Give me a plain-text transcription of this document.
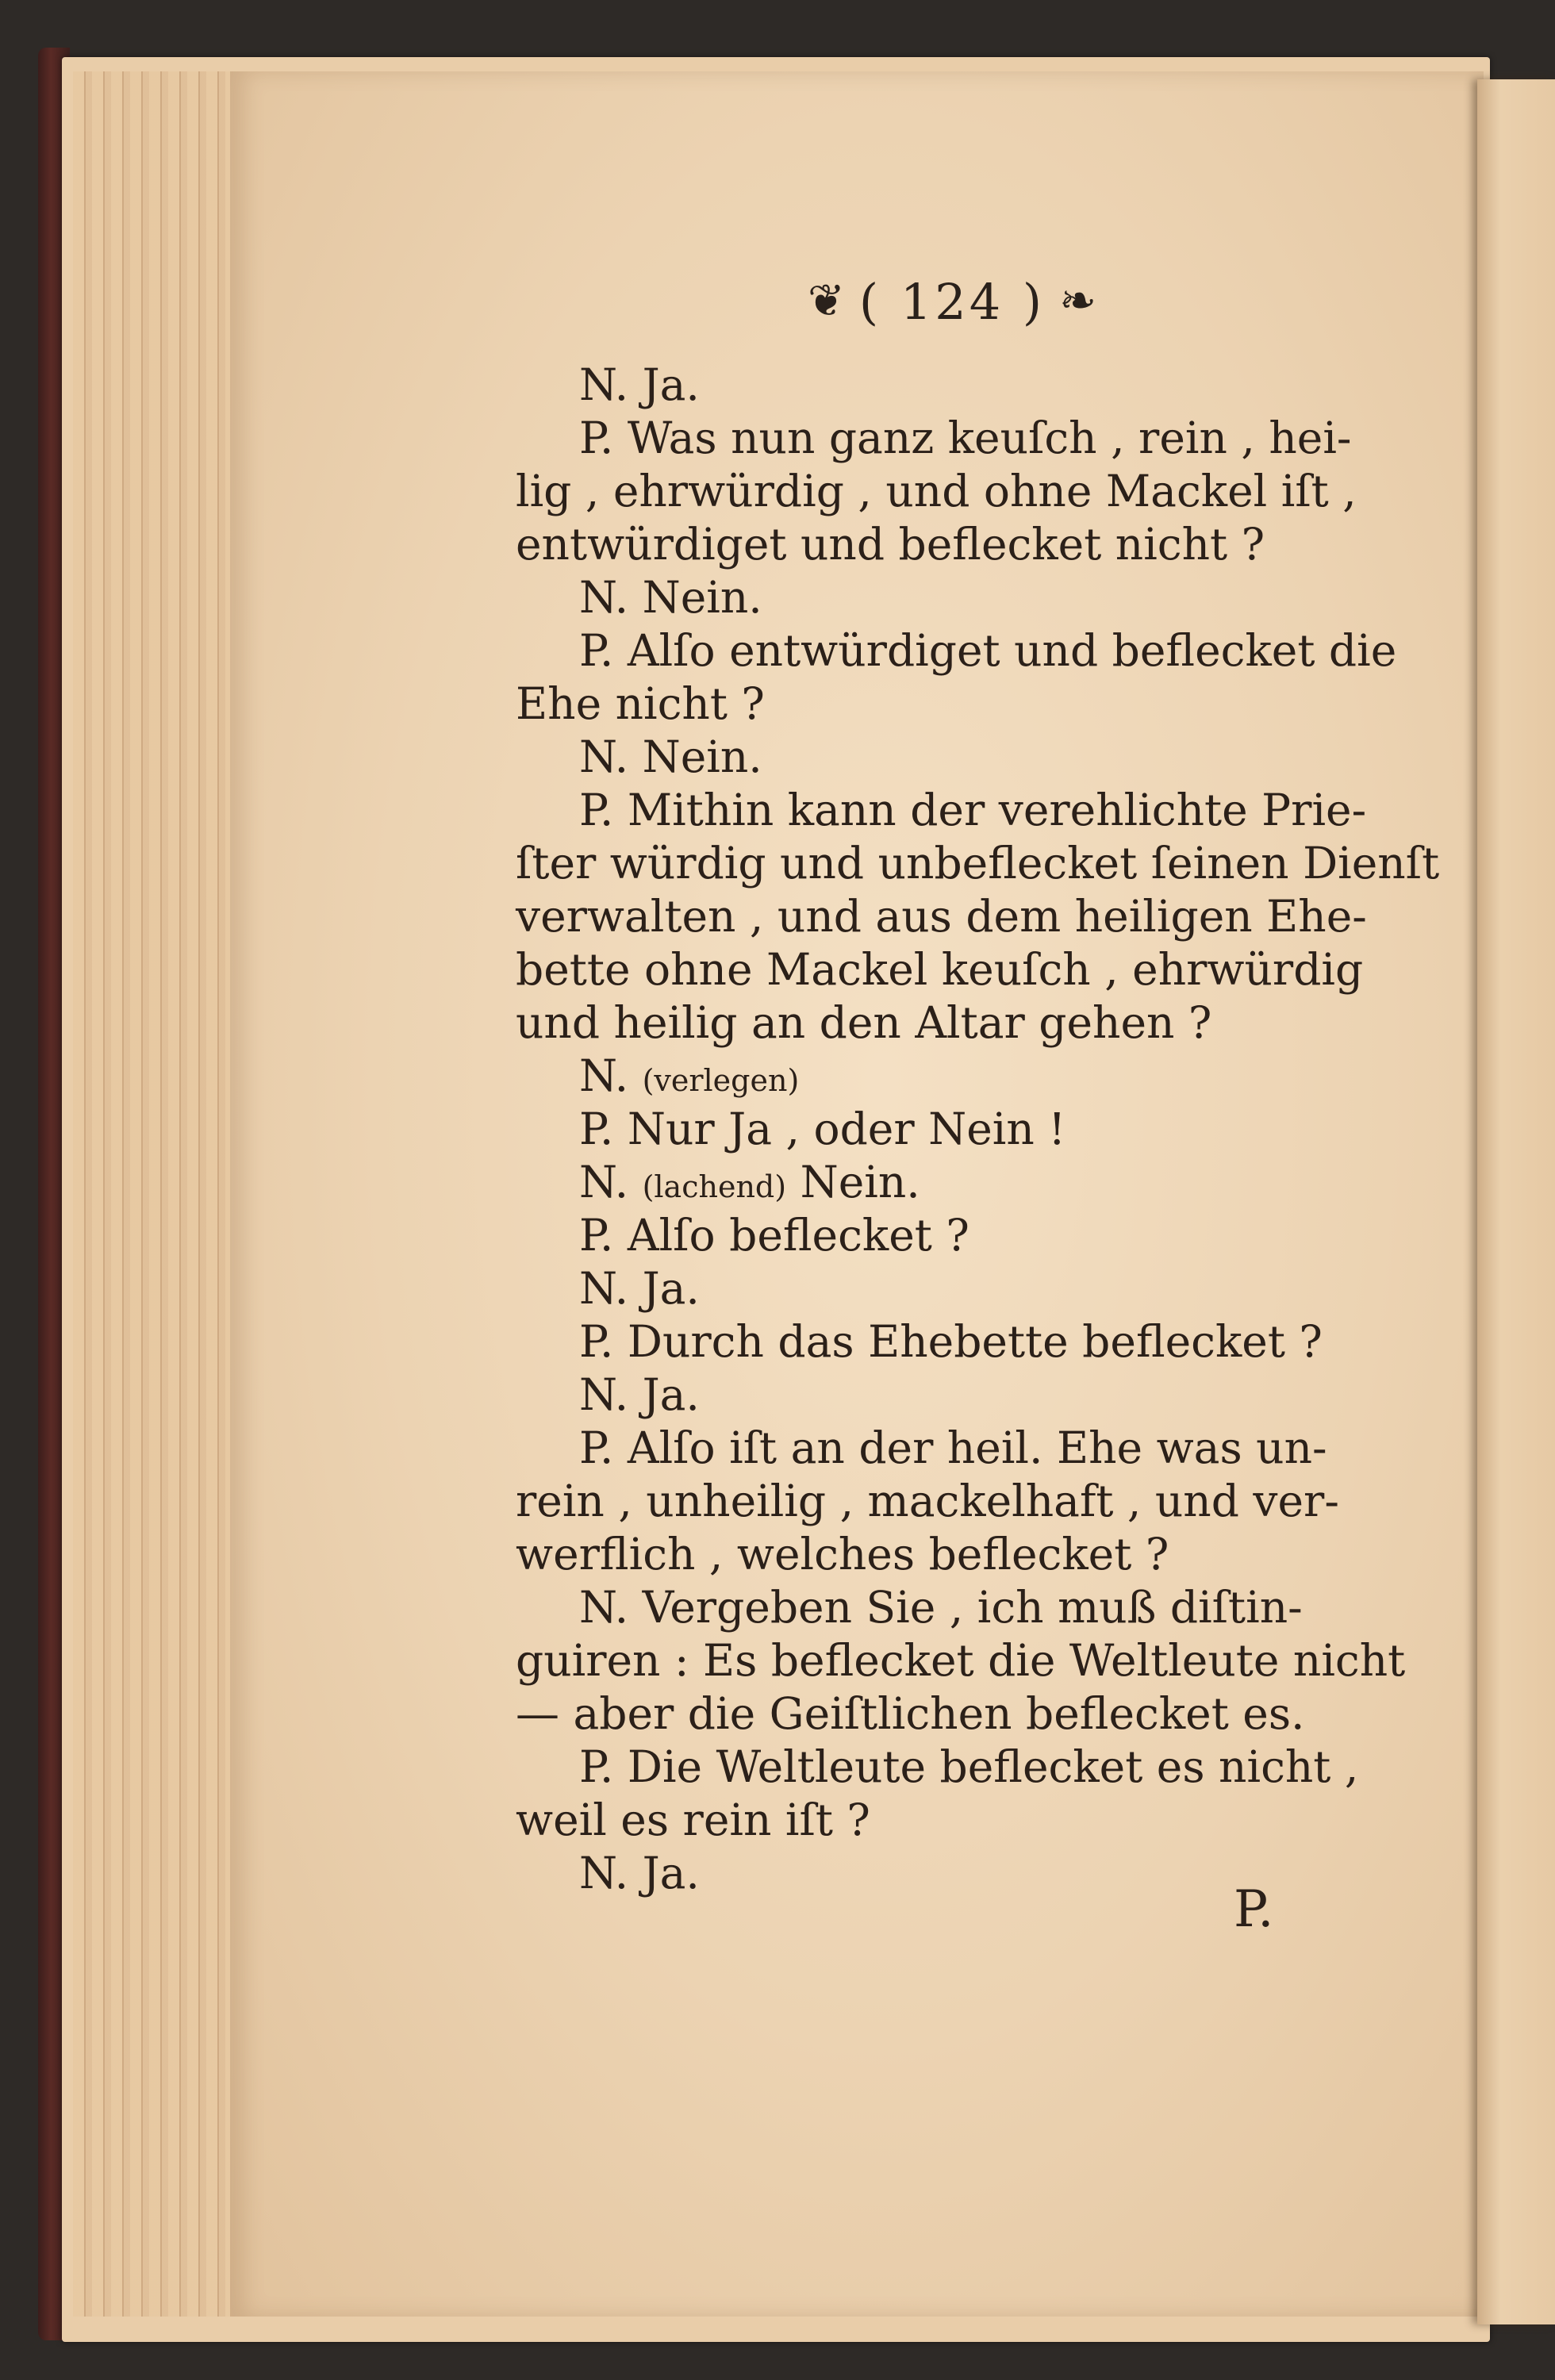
❦ ( 124 ) ❧
N. Ja.
P.
Was nun ganz keuſch , rein , hei-
lig , ehrwürdig , und ohne Mackel iſt ,
entwürdiget und beflecket nicht ?
N. Nein.
P. Alſo entwürdiget und beflecket die
Ehe nicht ?
N. Nein.
P. Mithin kann der verehlichte Prie-
ſter würdig und unbeflecket ſeinen Dienſt
verwalten , und aus dem heiligen Ehe-
bette ohne Mackel keuſch , ehrwürdig
und heilig an den Altar gehen ?
N. (verlegen)
P. Nur Ja , oder Nein !
N. (lachend) Nein.
P. Alſo beflecket ?
N. Ja.
P. Durch das Ehebette beflecket ?
N. Ja.
P. Alſo iſt an der heil. Ehe was un-
rein , unheilig , mackelhaft , und ver-
werflich , welches beflecket ?
N. Vergeben Sie , ich muß diſtin-
guiren : Es beflecket die Weltleute nicht
— aber die Geiſtlichen beflecket es.
P. Die Weltleute beflecket es nicht ,
weil es rein iſt ?
N. Ja.
P.
